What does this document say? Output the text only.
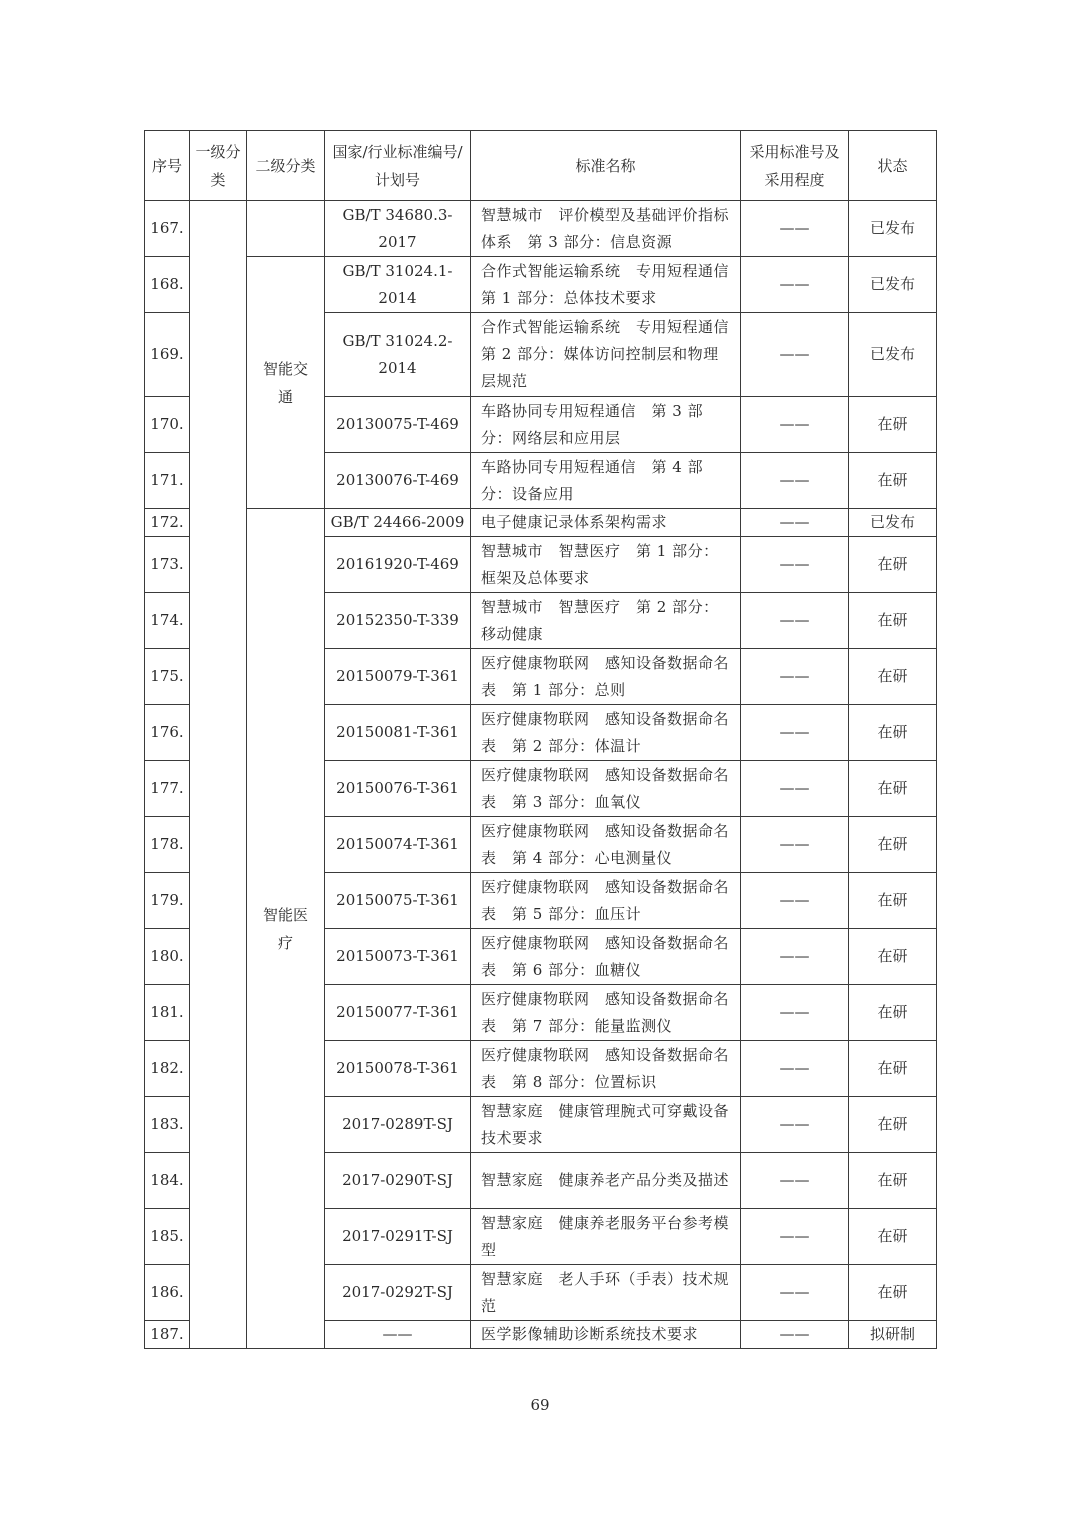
序号	一级分类	二级分类	国家/行业标准编号/计划号	标准名称	采用标准号及采用程度	状态
167.			GB/T 34680.3-2017	智慧城市　评价模型及基础评价指标体系　第 3 部分：信息资源	——	已发布
168.		智能交通	GB/T 31024.1-2014	合作式智能运输系统　专用短程通信　第 1 部分：总体技术要求	——	已发布
169.			GB/T 31024.2-2014	合作式智能运输系统　专用短程通信　第 2 部分：媒体访问控制层和物理层规范	——	已发布
170.			20130075-T-469	车路协同专用短程通信　第 3 部分：网络层和应用层	——	在研
171.			20130076-T-469	车路协同专用短程通信　第 4 部分：设备应用	——	在研
172.		智能医疗	GB/T 24466-2009	电子健康记录体系架构需求	——	已发布
173.			20161920-T-469	智慧城市　智慧医疗　第 1 部分：框架及总体要求	——	在研
174.			20152350-T-339	智慧城市　智慧医疗　第 2 部分：移动健康	——	在研
175.			20150079-T-361	医疗健康物联网　感知设备数据命名表　第 1 部分：总则	——	在研
176.			20150081-T-361	医疗健康物联网　感知设备数据命名表　第 2 部分：体温计	——	在研
177.			20150076-T-361	医疗健康物联网　感知设备数据命名表　第 3 部分：血氧仪	——	在研
178.			20150074-T-361	医疗健康物联网　感知设备数据命名表　第 4 部分：心电测量仪	——	在研
179.			20150075-T-361	医疗健康物联网　感知设备数据命名表　第 5 部分：血压计	——	在研
180.			20150073-T-361	医疗健康物联网　感知设备数据命名表　第 6 部分：血糖仪	——	在研
181.			20150077-T-361	医疗健康物联网　感知设备数据命名表　第 7 部分：能量监测仪	——	在研
182.			20150078-T-361	医疗健康物联网　感知设备数据命名表　第 8 部分：位置标识	——	在研
183.			2017-0289T-SJ	智慧家庭　健康管理腕式可穿戴设备技术要求	——	在研
184.			2017-0290T-SJ	智慧家庭　健康养老产品分类及描述	——	在研
185.			2017-0291T-SJ	智慧家庭　健康养老服务平台参考模型	——	在研
186.			2017-0292T-SJ	智慧家庭　老人手环（手表）技术规范	——	在研
187.			——	医学影像辅助诊断系统技术要求	——	拟研制
69
